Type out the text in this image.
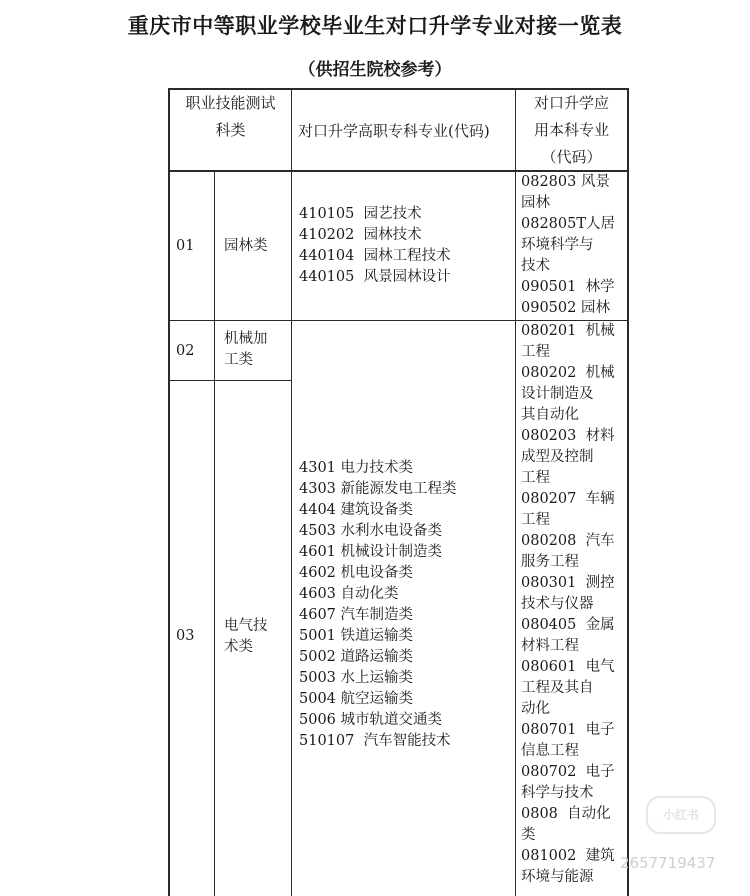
重庆市中等职业学校毕业生对口升学专业对接一览表
（供招生院校参考）
职业技能测试
科类	对口升学高职专科专业(代码)
对口升学应
用本科专业
（代码）
01 园林类
410105  园艺技术
410202  园林技术
440104  园林工程技术
440105  风景园林设计
082803 风景
园林
082805T人居
环境科学与
技术
090501  林学
090502 园林
02
机械加
工类
03
电气技
术类
4301 电力技术类
4303 新能源发电工程类
4404 建筑设备类
4503 水利水电设备类
4601 机械设计制造类
4602 机电设备类
4603 自动化类
4607 汽车制造类
5001 铁道运输类
5002 道路运输类
5003 水上运输类
5004 航空运输类
5006 城市轨道交通类
510107  汽车智能技术
080201  机械
工程
080202  机械
设计制造及
其自动化
080203  材料
成型及控制
工程
080207  车辆
工程
080208  汽车
服务工程
080301  测控
技术与仪器
080405  金属
材料工程
080601  电气
工程及其自
动化
080701  电子
信息工程
080702  电子
科学与技术
0808  自动化
类
081002  建筑
环境与能源
小红书
2657719437
